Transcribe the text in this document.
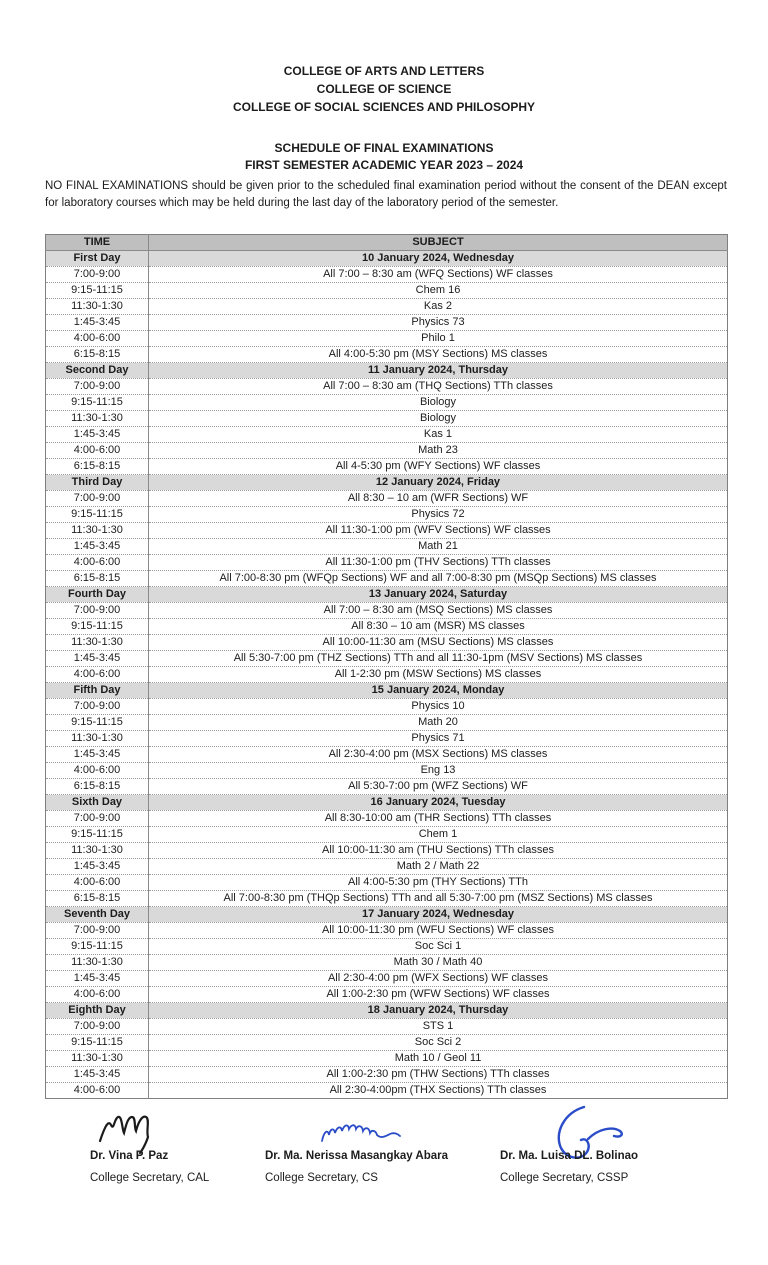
COLLEGE OF ARTS AND LETTERS
COLLEGE OF SCIENCE
COLLEGE OF SOCIAL SCIENCES AND PHILOSOPHY
SCHEDULE OF FINAL EXAMINATIONS
FIRST SEMESTER ACADEMIC YEAR 2023 – 2024

NO FINAL EXAMINATIONS should be given prior to the scheduled final examination period without the consent of the DEAN except for laboratory courses which may be held during the last day of the laboratory period of the semester.

TIME	SUBJECT
First Day	10 January 2024, Wednesday
7:00-9:00	All 7:00 – 8:30 am (WFQ Sections) WF classes
9:15-11:15	Chem 16
11:30-1:30	Kas 2
1:45-3:45	Physics 73
4:00-6:00	Philo 1
6:15-8:15	All 4:00-5:30 pm (MSY Sections) MS classes
Second Day	11 January 2024, Thursday
7:00-9:00	All 7:00 – 8:30 am (THQ Sections) TTh classes
9:15-11:15	Biology
11:30-1:30	Biology
1:45-3:45	Kas 1
4:00-6:00	Math 23
6:15-8:15	All 4-5:30 pm (WFY Sections) WF classes
Third Day	12 January 2024, Friday
7:00-9:00	All 8:30 – 10 am (WFR Sections) WF
9:15-11:15	Physics 72
11:30-1:30	All 11:30-1:00 pm (WFV Sections) WF classes
1:45-3:45	Math 21
4:00-6:00	All 11:30-1:00 pm (THV Sections) TTh classes
6:15-8:15	All 7:00-8:30 pm (WFQp Sections) WF and all 7:00-8:30 pm (MSQp Sections) MS classes
Fourth Day	13 January 2024, Saturday
7:00-9:00	All 7:00 – 8:30 am (MSQ Sections) MS classes
9:15-11:15	All 8:30 – 10 am (MSR) MS classes
11:30-1:30	All 10:00-11:30 am (MSU Sections) MS classes
1:45-3:45	All 5:30-7:00 pm (THZ Sections) TTh and all 11:30-1pm (MSV Sections) MS classes
4:00-6:00	All 1-2:30 pm (MSW Sections) MS classes
Fifth Day	15 January 2024, Monday
7:00-9:00	Physics 10
9:15-11:15	Math 20
11:30-1:30	Physics 71
1:45-3:45	All 2:30-4:00 pm (MSX Sections) MS classes
4:00-6:00	Eng 13
6:15-8:15	All 5:30-7:00 pm (WFZ Sections) WF
Sixth Day	16 January 2024, Tuesday
7:00-9:00	All 8:30-10:00 am (THR Sections) TTh classes
9:15-11:15	Chem 1
11:30-1:30	All 10:00-11:30 am (THU Sections) TTh classes
1:45-3:45	Math 2 / Math 22
4:00-6:00	All 4:00-5:30 pm (THY Sections) TTh
6:15-8:15	All 7:00-8:30 pm (THQp Sections) TTh and all 5:30-7:00 pm (MSZ Sections) MS classes
Seventh Day	17 January 2024, Wednesday
7:00-9:00	All 10:00-11:30 pm (WFU Sections) WF classes
9:15-11:15	Soc Sci 1
11:30-1:30	Math 30 / Math 40
1:45-3:45	All 2:30-4:00 pm (WFX Sections) WF classes
4:00-6:00	All 1:00-2:30 pm (WFW Sections) WF classes
Eighth Day	18 January 2024, Thursday
7:00-9:00	STS 1
9:15-11:15	Soc Sci 2
11:30-1:30	Math 10 / Geol 11
1:45-3:45	All 1:00-2:30 pm (THW Sections) TTh classes
4:00-6:00	All 2:30-4:00pm (THX Sections) TTh classes
Dr. Vina P. Paz
College Secretary, CAL
Dr. Ma. Nerissa Masangkay Abara
College Secretary, CS
Dr. Ma. Luisa DL. Bolinao
College Secretary, CSSP
